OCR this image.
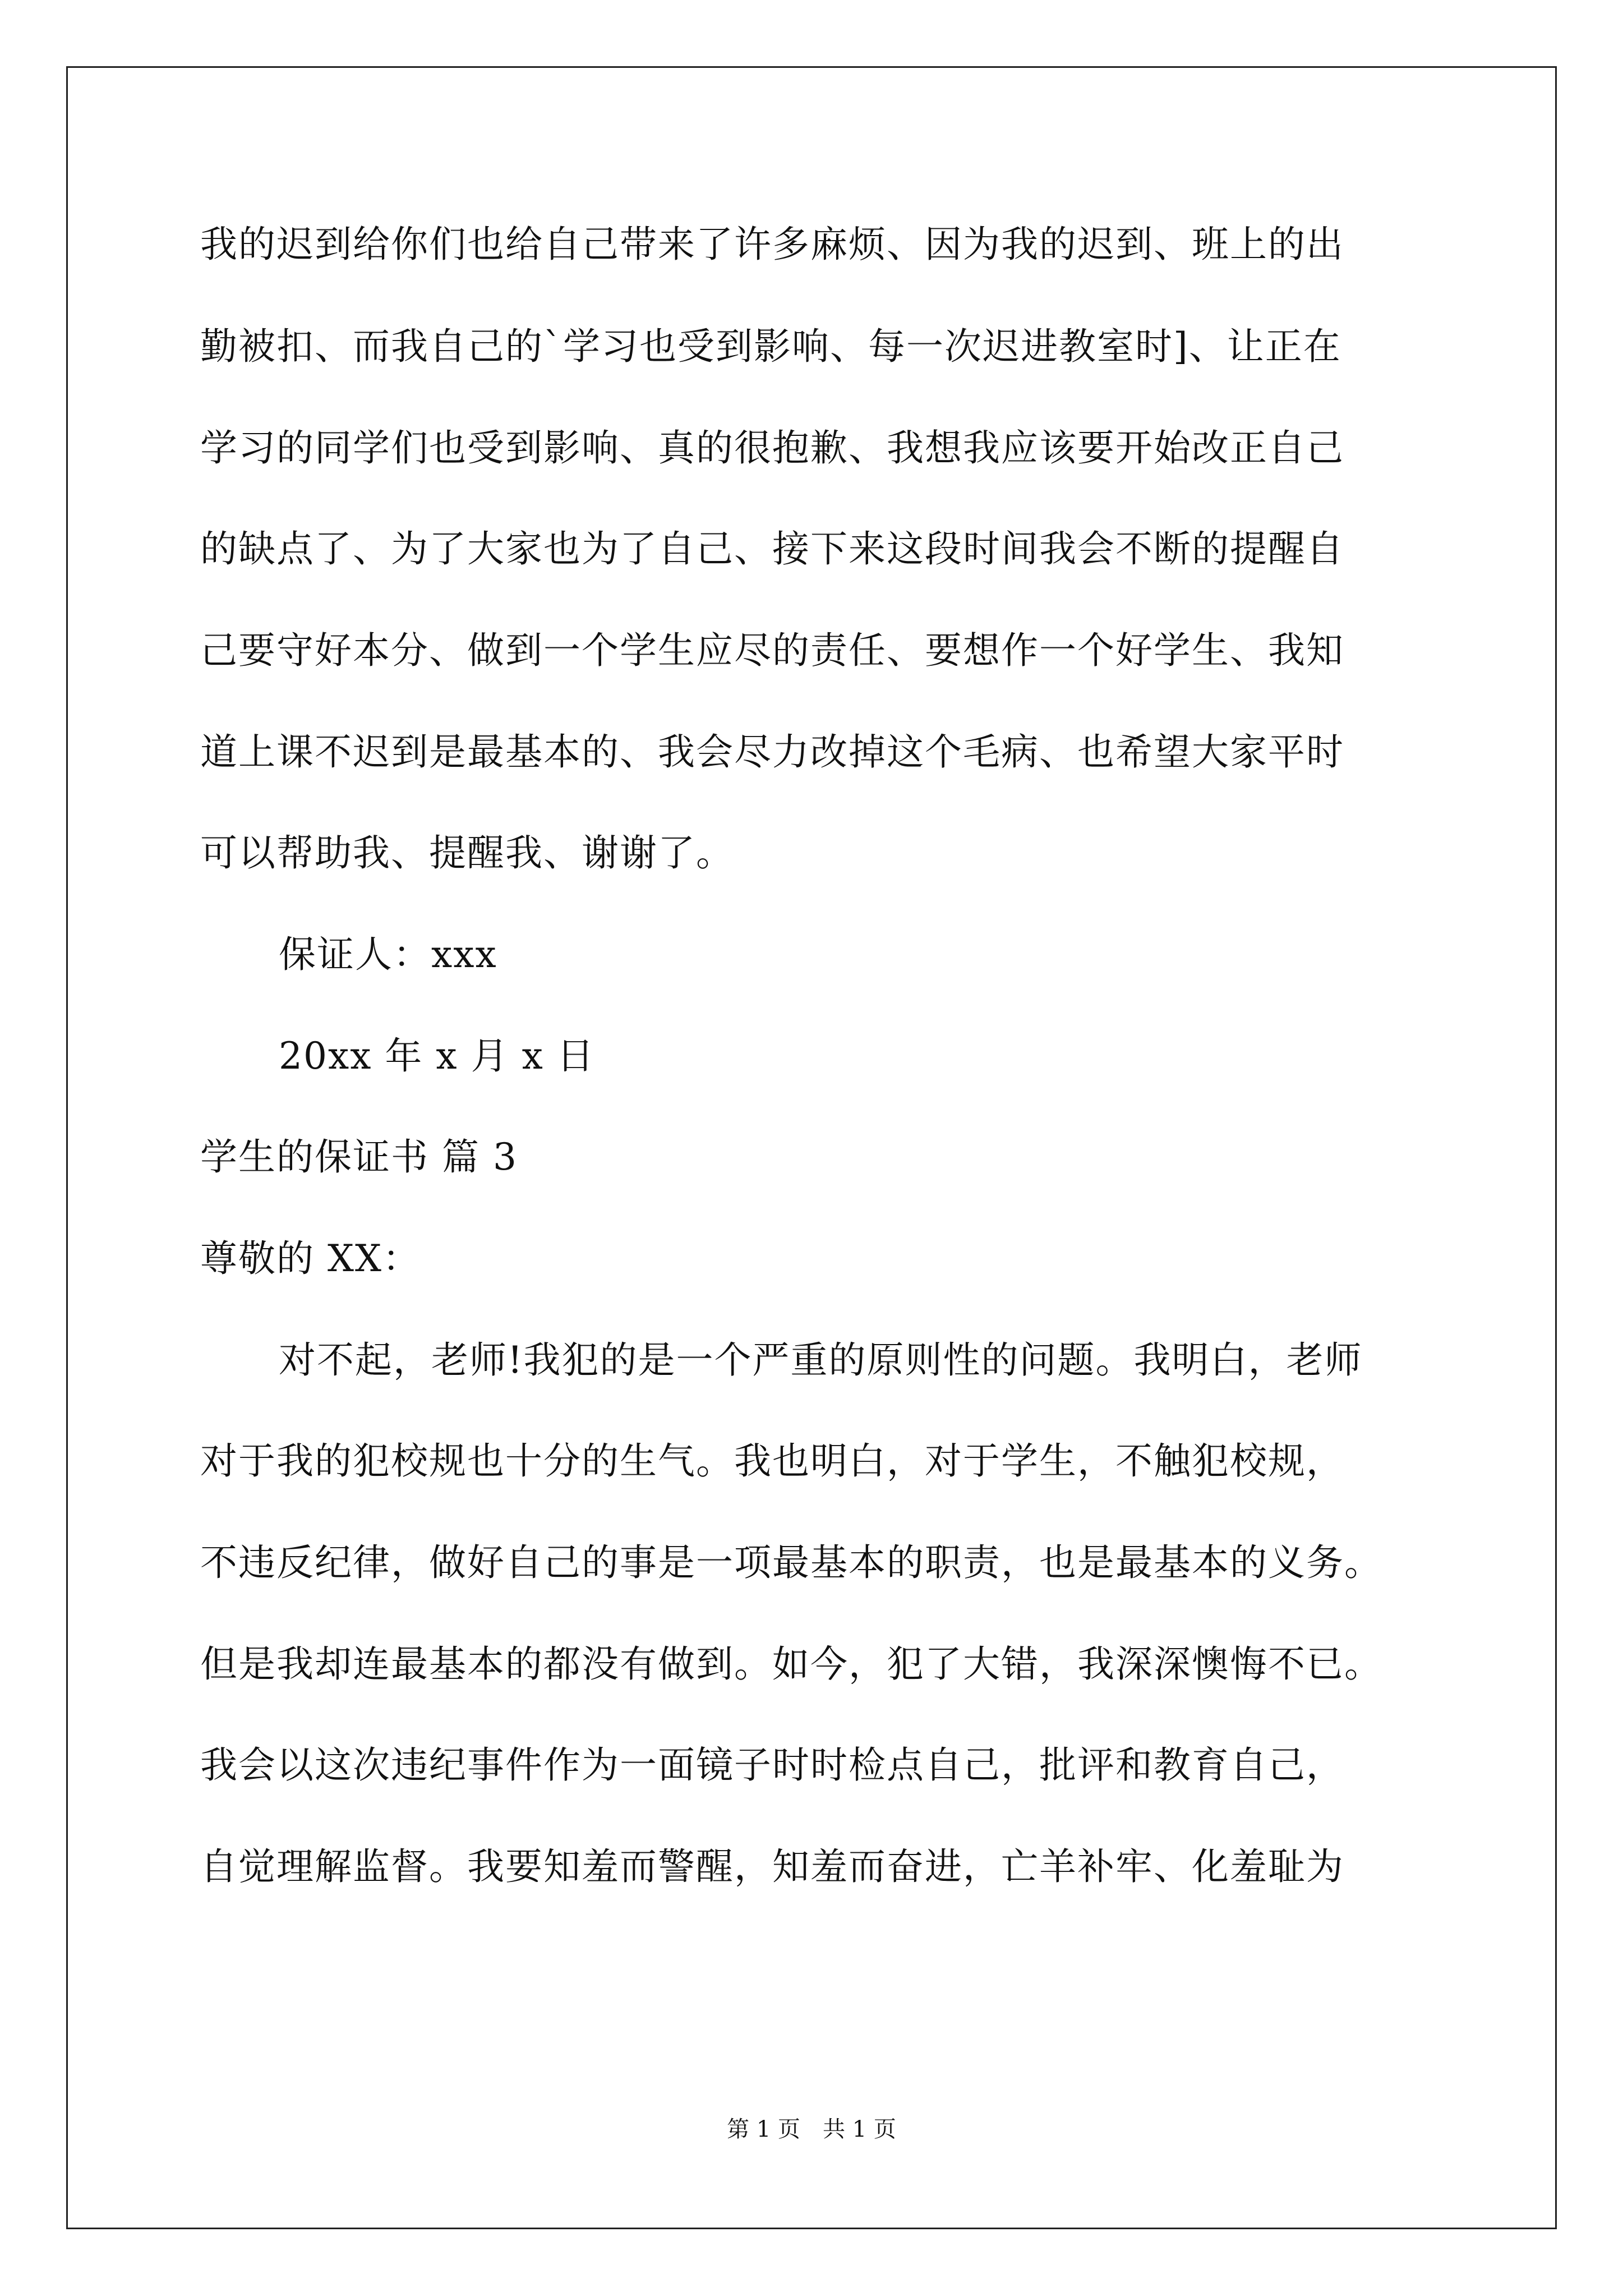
我的迟到给你们也给自己带来了许多麻烦、因为我的迟到、班上的出
勤被扣、而我自己的`学习也受到影响、每一次迟进教室时]、让正在
学习的同学们也受到影响、真的很抱歉、我想我应该要开始改正自己
的缺点了、为了大家也为了自己、接下来这段时间我会不断的提醒自
己要守好本分、做到一个学生应尽的责任、要想作一个好学生、我知
道上课不迟到是最基本的、我会尽力改掉这个毛病、也希望大家平时
可以帮助我、提醒我、谢谢了。
保证人：xxx
20xx 年 x 月 x 日
学生的保证书 篇 3
尊敬的 XX：
对不起，老师!我犯的是一个严重的原则性的问题。我明白，老师
对于我的犯校规也十分的生气。我也明白，对于学生，不触犯校规，
不违反纪律，做好自己的事是一项最基本的职责，也是最基本的义务。
但是我却连最基本的都没有做到。如今，犯了大错，我深深懊悔不已。
我会以这次违纪事件作为一面镜子时时检点自己，批评和教育自己，
自觉理解监督。我要知羞而警醒，知羞而奋进，亡羊补牢、化羞耻为
第 1 页　共 1 页
